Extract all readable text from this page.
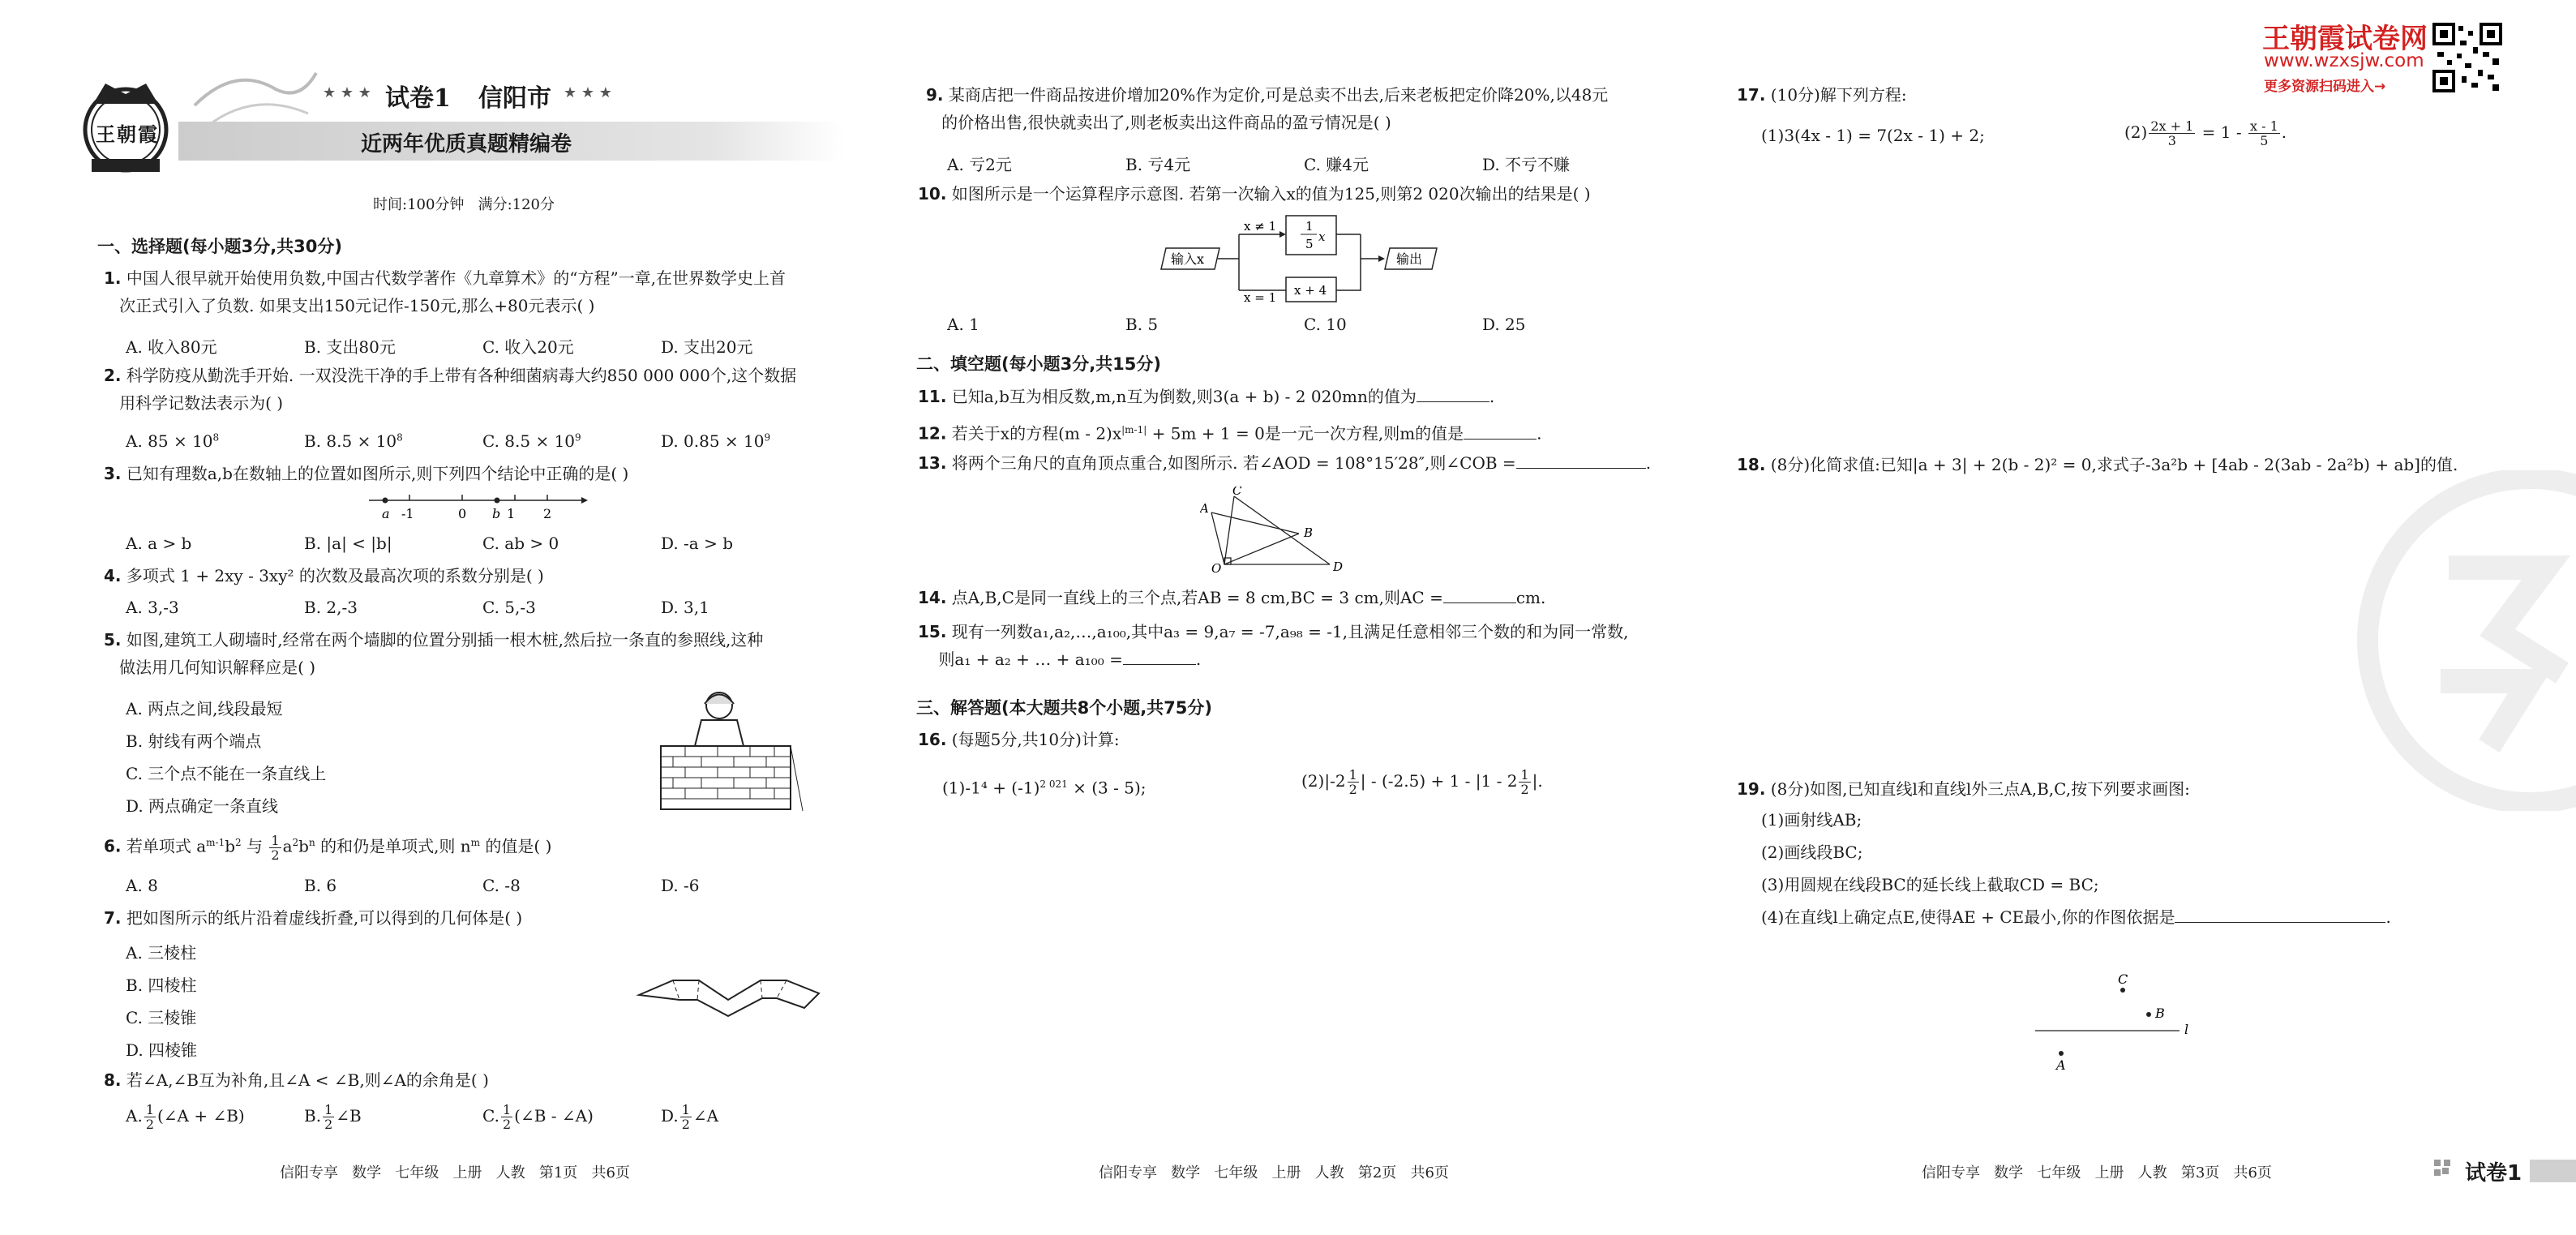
王朝霞
★ ★ ★ 试卷1 信阳市 ★ ★ ★
近两年优质真题精编卷
时间:100分钟   满分:120分
一、选择题(每小题3分,共30分)
1. 中国人很早就开始使用负数,中国古代数学著作《九章算术》的“方程”一章,在世界数学史上首
次正式引入了负数. 如果支出150元记作-150元,那么+80元表示( )
A. 收入80元	B. 支出80元	C. 收入20元	D. 支出20元
2. 科学防疫从勤洗手开始. 一双没洗干净的手上带有各种细菌病毒大约850 000 000个,这个数据
用科学记数法表示为( )
A. $85 \times 10^8$	B. $8.5 \times 10^8$	C. $8.5 \times 10^9$	D. $0.85 \times 10^9$
3. 已知有理数a,b在数轴上的位置如图所示,则下列四个结论中正确的是( )
a -1	0 b 1 2
A. a > b	B. |a| < |b|	C. ab > 0	D. -a > b
4. 多项式 1 + 2xy - 3xy² 的次数及最高次项的系数分别是( )
A. 3,-3	B. 2,-3	C. 5,-3	D. 3,1
5. 如图,建筑工人砌墙时,经常在两个墙脚的位置分别插一根木桩,然后拉一条直的参照线,这种
做法用几何知识解释应是( )
A. 两点之间,线段最短
B. 射线有两个端点
C. 三个点不能在一条直线上
D. 两点确定一条直线
6. 若单项式 $a^{m-1}b^2$ 与 $\frac{1}{2} a^2b^n$ 的和仍是单项式,则 $n^m$ 的值是( )
A. 8	B. 6	C. -8	D. -6
7. 把如图所示的纸片沿着虚线折叠,可以得到的几何体是( )
A. 三棱柱
B. 四棱柱
C. 三棱锥
D. 四棱锥
8. 若∠A,∠B互为补角,且∠A < ∠B,则∠A的余角是( )
A. $\frac{1}{2}$ (∠A + ∠B)	B. $\frac{1}{2}$ ∠B	C. $\frac{1}{2}$ (∠B - ∠A)	D. $\frac{1}{2}$ ∠A
信阳专享   数学   七年级   上册   人教   第1页   共6页
9. 某商店把一件商品按进价增加20%作为定价,可是总卖不出去,后来老板把定价降20%,以48元
的价格出售,很快就卖出了,则老板卖出这件商品的盈亏情况是( )
A. 亏2元	B. 亏4元	C. 赚4元	D. 不亏不赚
10. 如图所示是一个运算程序示意图. 若第一次输入x的值为125,则第2 020次输出的结果是( )
输入x
x ≠ 1 1
5 x
输出
x + 4
x = 1
A. 1	B. 5	C. 10	D. 25
二、填空题(每小题3分,共15分)
11. 已知a,b互为相反数,m,n互为倒数,则3(a + b) - 2 020mn的值为	.
12. 若关于x的方程$(m - 2)x^{|m-1|} + 5m + 1 = 0$是一元一次方程,则m的值是	.
13. 将两个三角尺的直角顶点重合,如图所示. 若∠AOD = 108°15′28″,则∠COB =	.
A
C
B
O	D
14. 点A,B,C是同一直线上的三个点,若AB = 8 cm,BC = 3 cm,则AC =	cm.
15. 现有一列数a₁,a₂,…,a₁₀₀,其中a₃ = 9,a₇ = -7,a₉₈ = -1,且满足任意相邻三个数的和为同一常数,
则a₁ + a₂ + … + a₁₀₀ =	.
三、解答题(本大题共8个小题,共75分)
16. (每题5分,共10分)计算:
$(1)-1^4 + (-1)^{2 021} \times (3 - 5)$;	$(2)|-2 \frac{1}{2}$ | - $(-2.5) + 1 - |1 - 2 \frac{1}{2}$ |.
信阳专享   数学   七年级   上册   人教   第2页   共6页
王朝霞试卷网
www.wzxsjw.com
更多资源扫码进入→
17. (10分)解下列方程:
(1)3(4x - 1) = 7(2x - 1) + 2;	$(2) \frac{2x + 1}{3} = 1 - \frac{x - 1}{5}$ .
18. (8分)化简求值:已知|a + 3| + 2(b - 2)² = 0,求式子-3a²b + [4ab - 2(3ab - 2a²b) + ab]的值.
19. (8分)如图,已知直线l和直线l外三点A,B,C,按下列要求画图:
(1)画射线AB;
(2)画线段BC;
(3)用圆规在线段BC的延长线上截取CD = BC;
(4)在直线l上确定点E,使得AE + CE最小,你的作图依据是	.
C
B
l
A
信阳专享   数学   七年级   上册   人教   第3页   共6页	试卷1
